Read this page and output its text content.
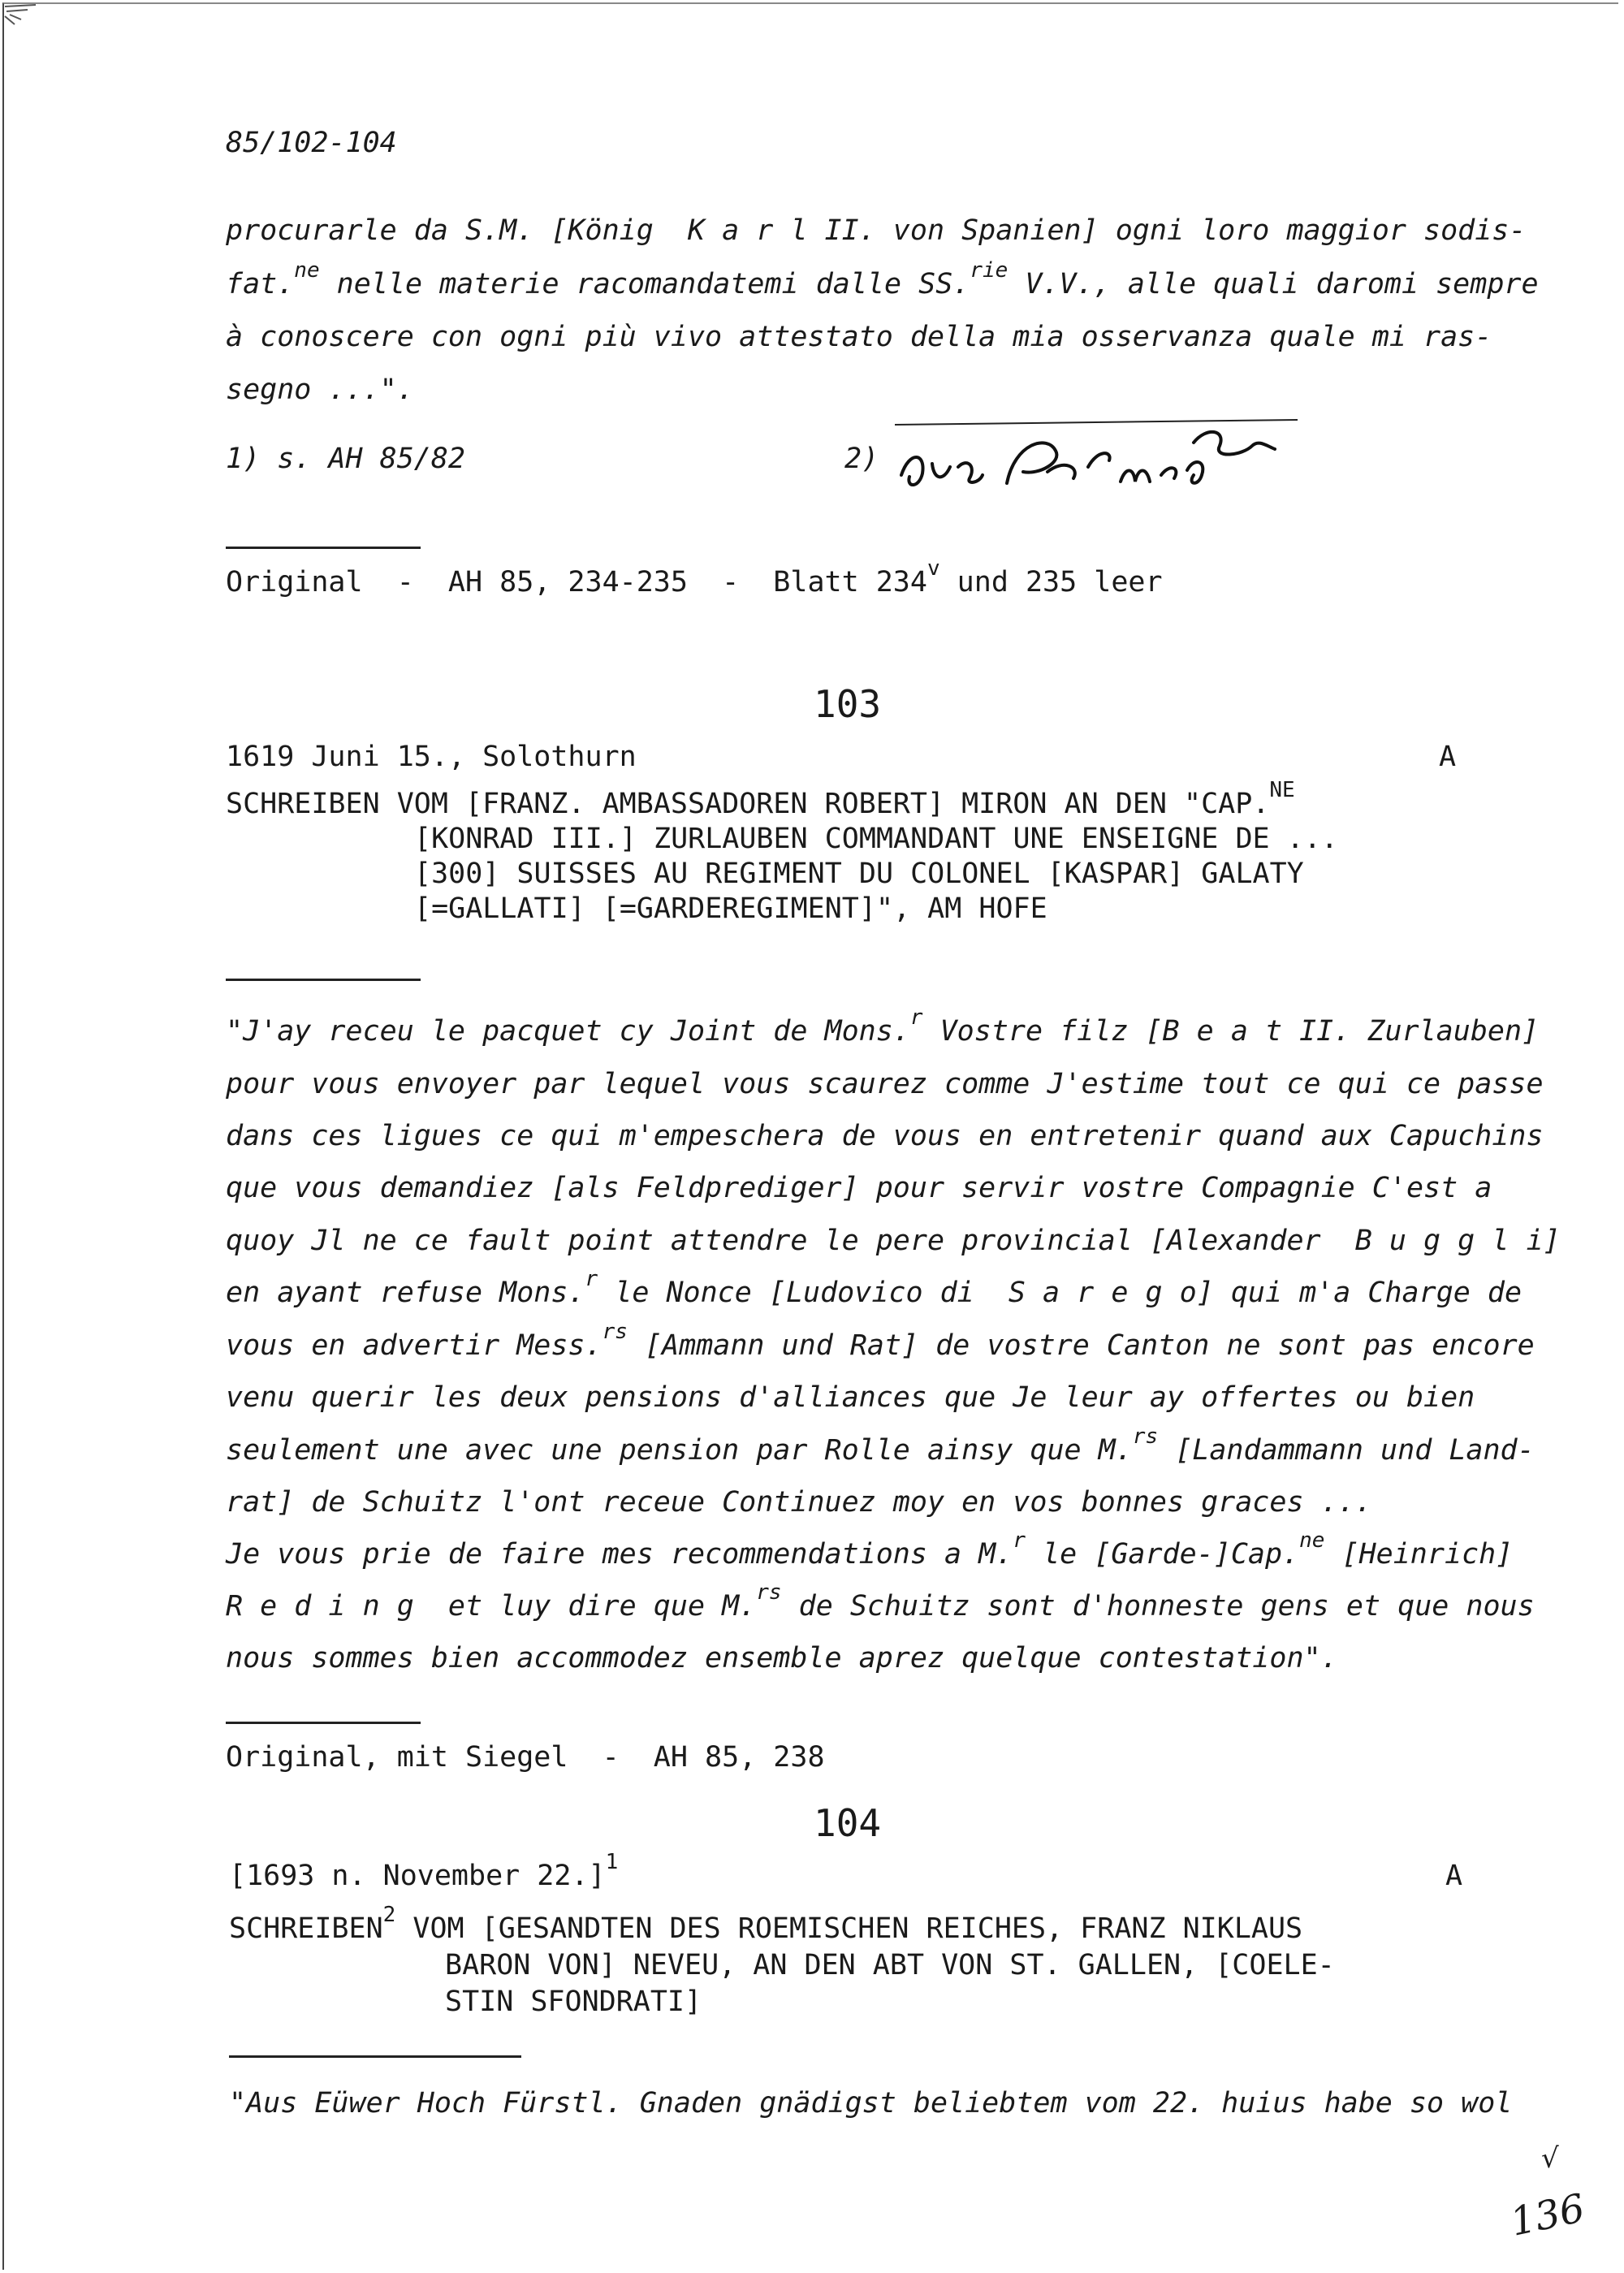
85/102-104
procurarle da S.M. [König  K a r l II. von Spanien] ogni loro maggior sodis-
fat.$^{ne}$ nelle materie racomandatemi dalle SS.$^{rie}$ V.V., alle quali daromi sempre
à conoscere con ogni più vivo attestato della mia osservanza quale mi ras-
segno ...".
1) s. AH 85/82	2)
Original  -  AH 85, 234-235  -  Blatt 234$^v$ und 235 leer
103
1619 Juni 15., Solothurn	A
SCHREIBEN VOM [FRANZ. AMBASSADOREN ROBERT] MIRON AN DEN "CAP.$^{NE}$
[KONRAD III.] ZURLAUBEN COMMANDANT UNE ENSEIGNE DE ...
[300] SUISSES AU REGIMENT DU COLONEL [KASPAR] GALATY
[=GALLATI] [=GARDEREGIMENT]", AM HOFE
"J'ay receu le pacquet cy Joint de Mons.$^r$ Vostre filz [B e a t II. Zurlauben]
pour vous envoyer par lequel vous scaurez comme J'estime tout ce qui ce passe
dans ces ligues ce qui m'empeschera de vous en entretenir quand aux Capuchins
que vous demandiez [als Feldprediger] pour servir vostre Compagnie C'est a
quoy Jl ne ce fault point attendre le pere provincial [Alexander  B u g g l i]
en ayant refuse Mons.$^r$ le Nonce [Ludovico di  S a r e g o] qui m'a Charge de
vous en advertir Mess.$^{rs}$ [Ammann und Rat] de vostre Canton ne sont pas encore
venu querir les deux pensions d'alliances que Je leur ay offertes ou bien
seulement une avec une pension par Rolle ainsy que M.$^{rs}$ [Landammann und Land-
rat] de Schuitz l'ont receue Continuez moy en vos bonnes graces ...
Je vous prie de faire mes recommendations a M.$^r$ le [Garde-]Cap.$^{ne}$ [Heinrich]
R e d i n g  et luy dire que M.$^{rs}$ de Schuitz sont d'honneste gens et que nous
nous sommes bien accommodez ensemble aprez quelque contestation".
Original, mit Siegel  -  AH 85, 238
104
[1693 n. November 22.]$^1$	A
SCHREIBEN$^2$ VOM [GESANDTEN DES ROEMISCHEN REICHES, FRANZ NIKLAUS
BARON VON] NEVEU, AN DEN ABT VON ST. GALLEN, [COELE-
STIN SFONDRATI]
"Aus Eüwer Hoch Fürstl. Gnaden gnädigst beliebtem vom 22. huius habe so wol
√
136
